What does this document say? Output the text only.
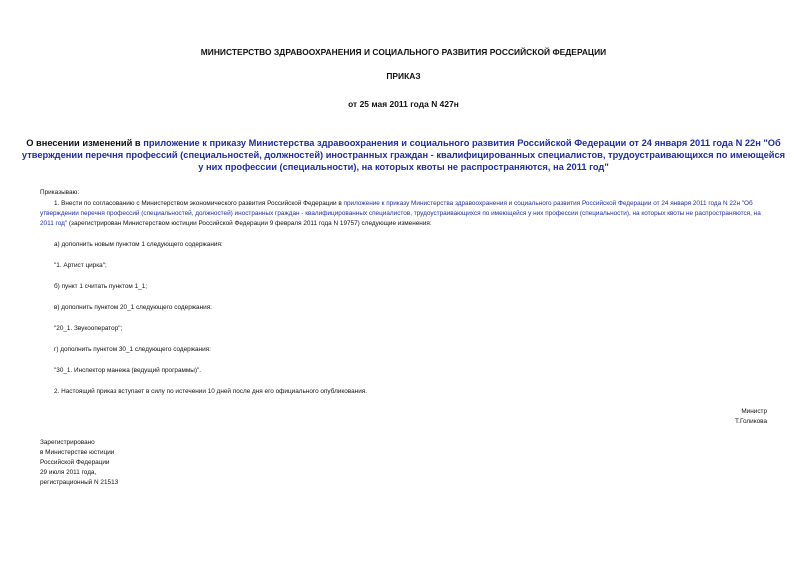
МИНИСТЕРСТВО ЗДРАВООХРАНЕНИЯ И СОЦИАЛЬНОГО РАЗВИТИЯ РОССИЙСКОЙ ФЕДЕРАЦИИ
ПРИКАЗ
от 25 мая 2011 года N 427н
О внесении изменений в приложение к приказу Министерства здравоохранения и социального развития Российской Федерации от 24 января 2011 года N 22н "Об утверждении перечня профессий (специальностей, должностей) иностранных граждан - квалифицированных специалистов, трудоустраивающихся по имеющейся у них профессии (специальности), на которых квоты не распространяются, на 2011 год"
Приказываю:
1. Внести по согласованию с Министерством экономического развития Российской Федерации в приложение к приказу Министерства здравоохранения и социального развития Российской Федерации от 24 января 2011 года N 22н "Об утверждении перечня профессий (специальностей, должностей) иностранных граждан - квалифицированных специалистов, трудоустраивающихся по имеющейся у них профессии (специальности), на которых квоты не распространяются, на 2011 год" (зарегистрирован Министерством юстиции Российской Федерации 9 февраля 2011 года N 19757) следующие изменения:
а) дополнить новым пунктом 1 следующего содержания:
"1. Артист цирка";
б) пункт 1 считать пунктом 1_1;
в) дополнить пунктом 20_1 следующего содержания:
"20_1. Звукооператор";
г) дополнить пунктом 30_1 следующего содержания:
"30_1. Инспектор манежа (ведущий программы)".
2. Настоящий приказ вступает в силу по истечении 10 дней после дня его официального опубликования.
Министр
Т.Голикова
Зарегистрировано
в Министерстве юстиции
Российской Федерации
29 июля 2011 года,
регистрационный N 21513
